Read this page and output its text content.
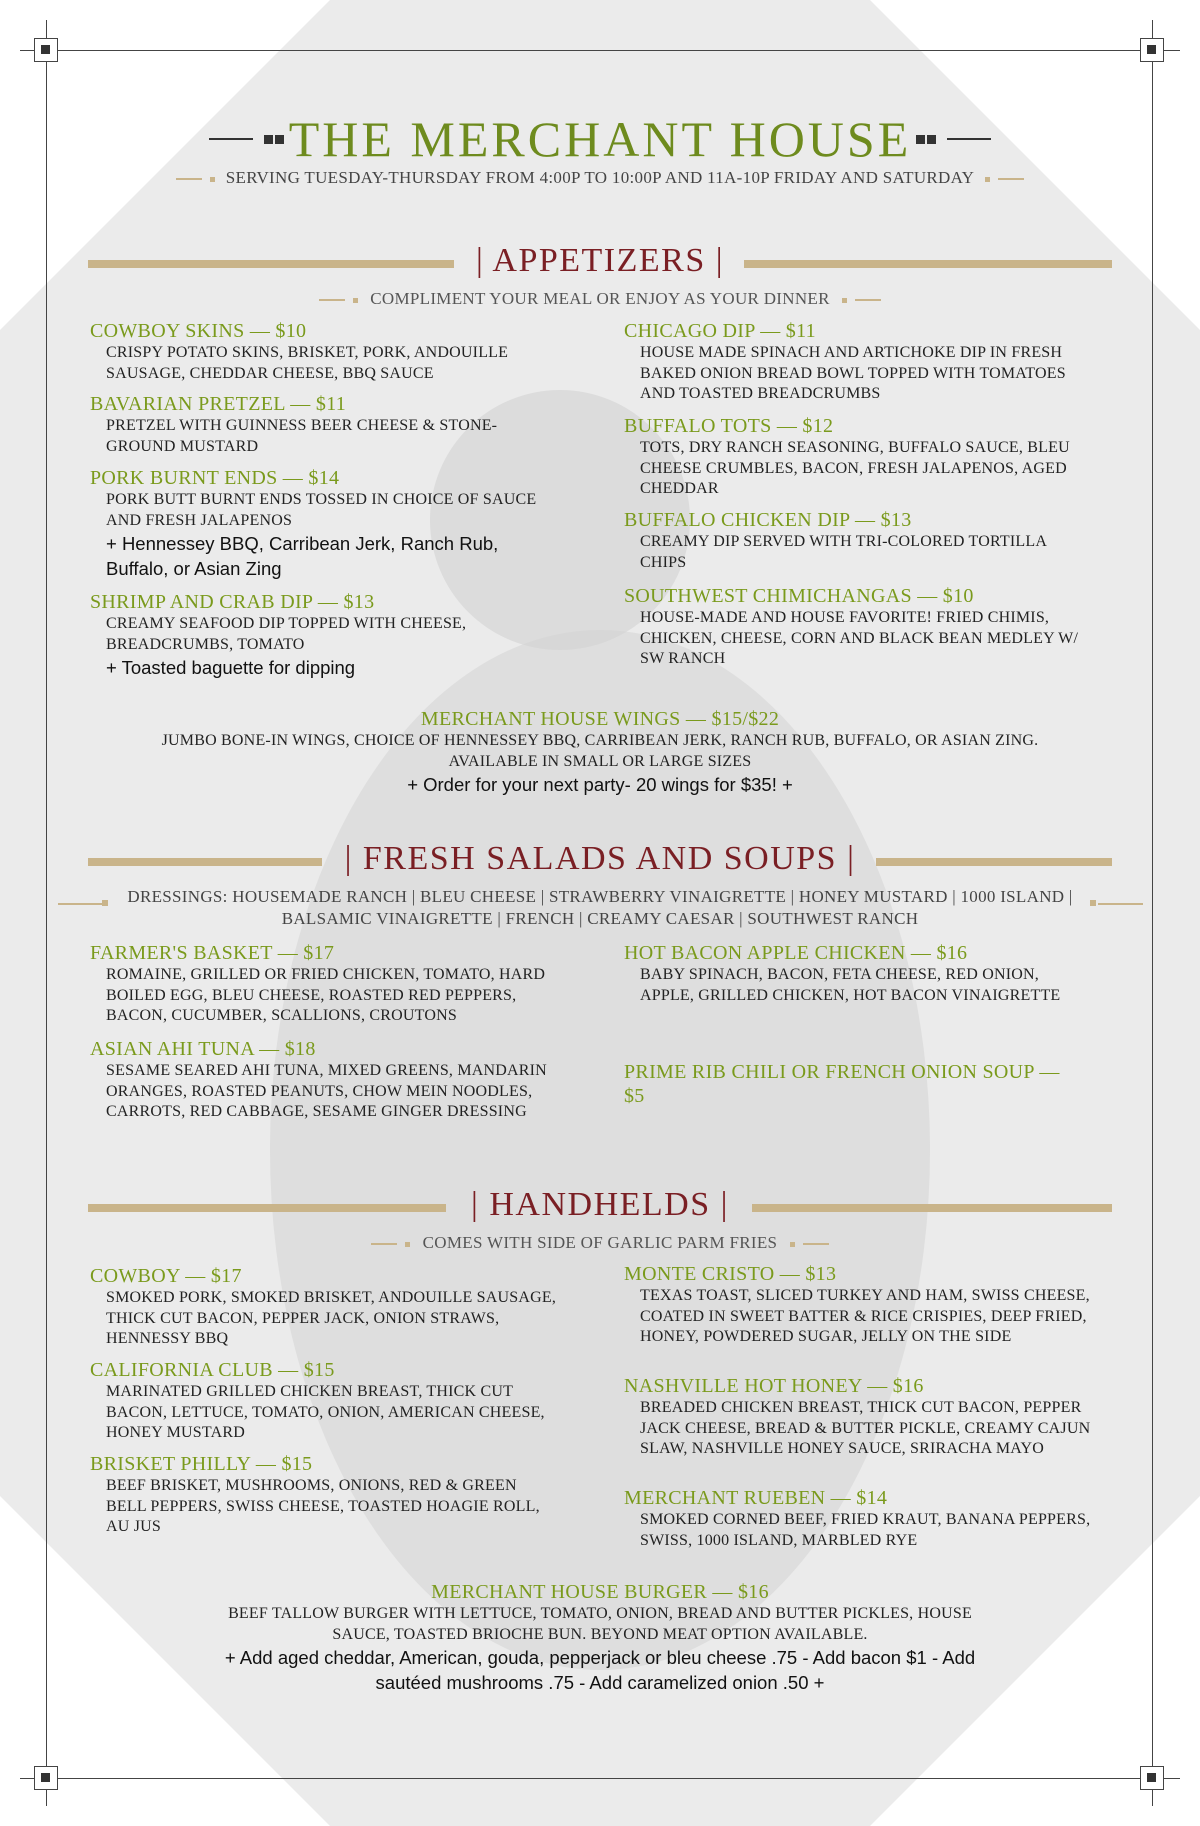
THE MERCHANT HOUSE
SERVING TUESDAY-THURSDAY FROM 4:00P TO 10:00P AND 11A-10P FRIDAY AND SATURDAY
| APPETIZERS |
COMPLIMENT YOUR MEAL OR ENJOY AS YOUR DINNER
COWBOY SKINS — $10
CRISPY POTATO SKINS, BRISKET, PORK, ANDOUILLE SAUSAGE, CHEDDAR CHEESE, BBQ SAUCE
BAVARIAN PRETZEL — $11
PRETZEL WITH GUINNESS BEER CHEESE & STONE-GROUND MUSTARD
PORK BURNT ENDS — $14
PORK BUTT BURNT ENDS TOSSED IN CHOICE OF SAUCE AND FRESH JALAPENOS
+ Hennessey BBQ, Carribean Jerk, Ranch Rub, Buffalo, or Asian Zing
SHRIMP AND CRAB DIP — $13
CREAMY SEAFOOD DIP TOPPED WITH CHEESE, BREADCRUMBS, TOMATO
+ Toasted baguette for dipping
CHICAGO DIP — $11
HOUSE MADE SPINACH AND ARTICHOKE DIP IN FRESH BAKED ONION BREAD BOWL TOPPED WITH TOMATOES AND TOASTED BREADCRUMBS
BUFFALO TOTS — $12
TOTS, DRY RANCH SEASONING, BUFFALO SAUCE, BLEU CHEESE CRUMBLES, BACON, FRESH JALAPENOS, AGED CHEDDAR
BUFFALO CHICKEN DIP — $13
CREAMY DIP SERVED WITH TRI-COLORED TORTILLA CHIPS
SOUTHWEST CHIMICHANGAS — $10
HOUSE-MADE AND HOUSE FAVORITE! FRIED CHIMIS, CHICKEN, CHEESE, CORN AND BLACK BEAN MEDLEY W/ SW RANCH
MERCHANT HOUSE WINGS — $15/$22
JUMBO BONE-IN WINGS, CHOICE OF HENNESSEY BBQ, CARRIBEAN JERK, RANCH RUB, BUFFALO, OR ASIAN ZING. AVAILABLE IN SMALL OR LARGE SIZES
+ Order for your next party- 20 wings for $35! +
| FRESH SALADS AND SOUPS |
DRESSINGS: HOUSEMADE RANCH | BLEU CHEESE | STRAWBERRY VINAIGRETTE | HONEY MUSTARD | 1000 ISLAND | BALSAMIC VINAIGRETTE | FRENCH | CREAMY CAESAR | SOUTHWEST RANCH
FARMER'S BASKET — $17
ROMAINE, GRILLED OR FRIED CHICKEN, TOMATO, HARD BOILED EGG, BLEU CHEESE, ROASTED RED PEPPERS, BACON, CUCUMBER, SCALLIONS, CROUTONS
ASIAN AHI TUNA — $18
SESAME SEARED AHI TUNA, MIXED GREENS, MANDARIN ORANGES, ROASTED PEANUTS, CHOW MEIN NOODLES, CARROTS, RED CABBAGE, SESAME GINGER DRESSING
HOT BACON APPLE CHICKEN — $16
BABY SPINACH, BACON, FETA CHEESE, RED ONION, APPLE, GRILLED CHICKEN, HOT BACON VINAIGRETTE
PRIME RIB CHILI OR FRENCH ONION SOUP — $5
| HANDHELDS |
COMES WITH SIDE OF GARLIC PARM FRIES
COWBOY — $17
SMOKED PORK, SMOKED BRISKET, ANDOUILLE SAUSAGE, THICK CUT BACON, PEPPER JACK, ONION STRAWS, HENNESSY BBQ
CALIFORNIA CLUB — $15
MARINATED GRILLED CHICKEN BREAST, THICK CUT BACON, LETTUCE, TOMATO, ONION, AMERICAN CHEESE, HONEY MUSTARD
BRISKET PHILLY — $15
BEEF BRISKET, MUSHROOMS, ONIONS, RED & GREEN BELL PEPPERS, SWISS CHEESE, TOASTED HOAGIE ROLL, AU JUS
MONTE CRISTO — $13
TEXAS TOAST, SLICED TURKEY AND HAM, SWISS CHEESE, COATED IN SWEET BATTER & RICE CRISPIES, DEEP FRIED, HONEY, POWDERED SUGAR, JELLY ON THE SIDE
NASHVILLE HOT HONEY — $16
BREADED CHICKEN BREAST, THICK CUT BACON, PEPPER JACK CHEESE, BREAD & BUTTER PICKLE, CREAMY CAJUN SLAW, NASHVILLE HONEY SAUCE, SRIRACHA MAYO
MERCHANT RUEBEN — $14
SMOKED CORNED BEEF, FRIED KRAUT, BANANA PEPPERS, SWISS, 1000 ISLAND, MARBLED RYE
MERCHANT HOUSE BURGER — $16
BEEF TALLOW BURGER WITH LETTUCE, TOMATO, ONION, BREAD AND BUTTER PICKLES, HOUSE SAUCE, TOASTED BRIOCHE BUN. BEYOND MEAT OPTION AVAILABLE.
+ Add aged cheddar, American, gouda, pepperjack or bleu cheese .75 - Add bacon $1 - Add sautéed mushrooms .75 - Add caramelized onion .50 +
